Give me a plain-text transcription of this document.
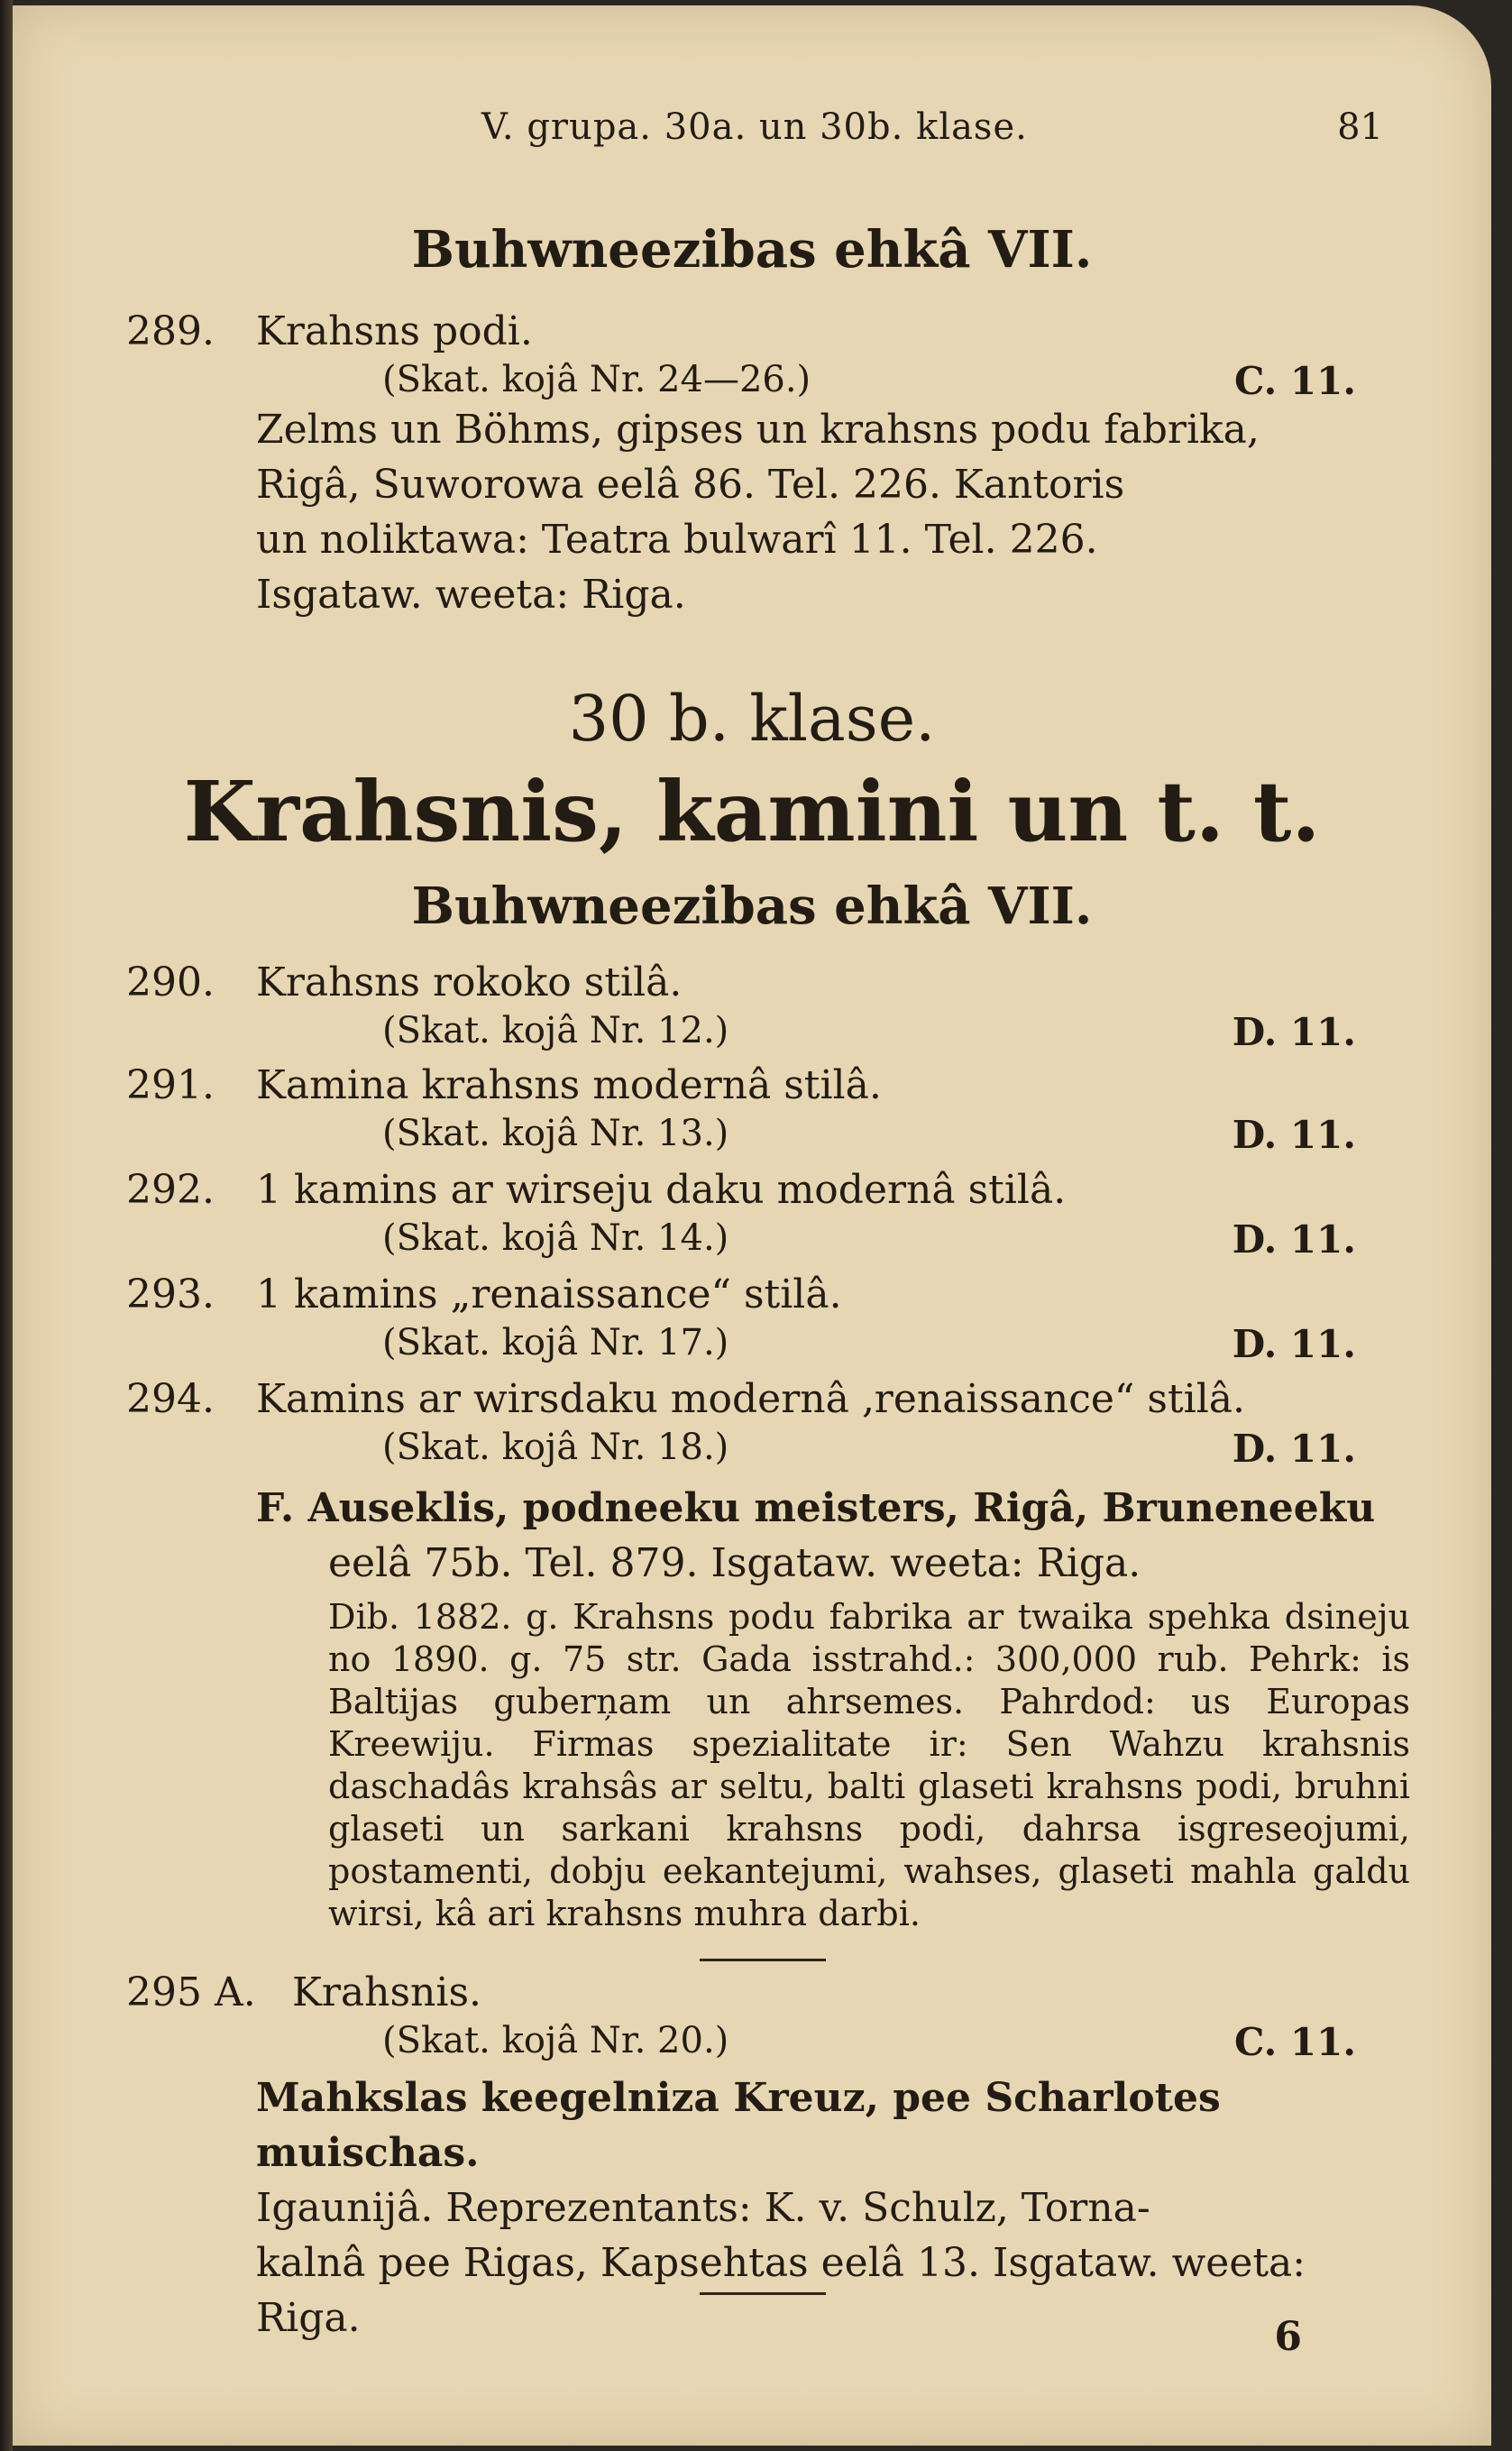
V. grupa. 30a. un 30b. klase.	81
Buhwneezibas ehkâ VII.
289. Krahsns podi.
(Skat. kojâ Nr. 24—26.)	C. 11.
Zelms un Böhms, gipses un krahsns podu fabrika,
Rigâ, Suworowa eelâ 86. Tel. 226. Kantoris
un noliktawa: Teatra bulwarî 11. Tel. 226.
Isgataw. weeta: Riga.
30 b. klase.
Krahsnis, kamini un t. t.
Buhwneezibas ehkâ VII.
290. Krahsns rokoko stilâ.
(Skat. kojâ Nr. 12.)	D. 11.
291. Kamina krahsns modernâ stilâ.
(Skat. kojâ Nr. 13.)	D. 11.
292. 1 kamins ar wirseju daku modernâ stilâ.
(Skat. kojâ Nr. 14.)	D. 11.
293. 1 kamins „renaissance“ stilâ.
(Skat. kojâ Nr. 17.)	D. 11.
294. Kamins ar wirsdaku modernâ ‚renaissance“ stilâ.
(Skat. kojâ Nr. 18.)	D. 11.
F. Auseklis, podneeku meisters, Rigâ, Bruneneeku
eelâ 75b. Tel. 879. Isgataw. weeta: Riga.
Dib. 1882. g. Krahsns podu fabrika ar twaika spehka dsineju no 1890. g. 75 str. Gada isstrahd.: 300,000 rub. Pehrk: is Baltijas guberņam un ahrsemes. Pahrdod: us Europas Kreewiju. Firmas spezialitate ir: Sen Wahzu krahsnis daschadâs krahsâs ar seltu, balti glaseti krahsns podi, bruhni glaseti un sarkani krahsns podi, dahrsa isgreseojumi, postamenti, dobju eekantejumi, wahses, glaseti mahla galdu wirsi, kâ ari krahsns muhra darbi.
295 A. Krahsnis.
(Skat. kojâ Nr. 20.)	C. 11.
Mahkslas keegelniza Kreuz, pee Scharlotes muischas.
Igaunijâ. Reprezentants: K. v. Schulz, Torna-
kalnâ pee Rigas, Kapsehtas eelâ 13. Isgataw. weeta:
Riga.	6
